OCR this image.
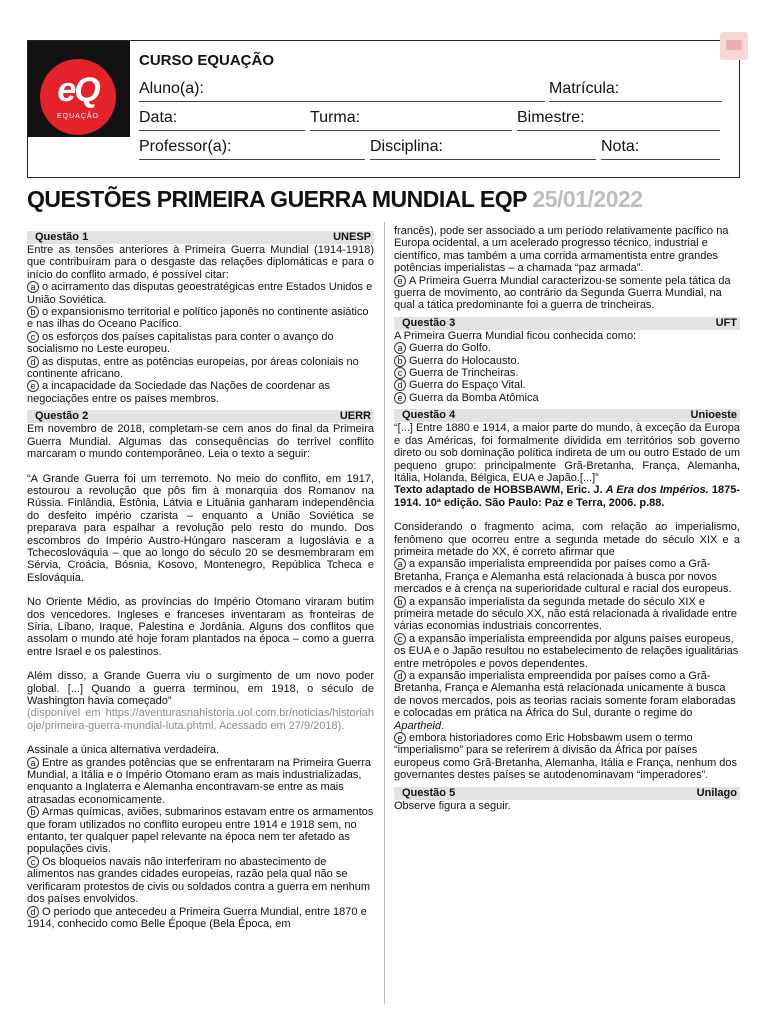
eQ
EQUAÇÃO
CURSO EQUAÇÃO
Aluno(a):	Matrícula:
Data:	Turma:	Bimestre:
Professor(a):	Disciplina:	Nota:
QUESTÕES PRIMEIRA GUERRA MUNDIAL EQP 25/01/2022
Questão 1	UNESP

Entre as tensões anteriores à Primeira Guerra Mundial (1914-1918) que contribuíram para o desgaste das relações diplomáticas e para o início do conflito armado, é possível citar:

a o acirramento das disputas geoestratégicas entre Estados Unidos e União Soviética.

b o expansionismo territorial e político japonês no continente asiático e nas ilhas do Oceano Pacífico.

c os esforços dos países capitalistas para conter o avanço do socialismo no Leste europeu.

d as disputas, entre as potências europeias, por áreas coloniais no continente africano.

e a incapacidade da Sociedade das Nações de coordenar as negociações entre os países membros.

Questão 2	UERR

Em novembro de 2018, completam-se cem anos do final da Primeira Guerra Mundial. Algumas das consequências do terrível conflito marcaram o mundo contemporâneo. Leia o texto a seguir:

“A Grande Guerra foi um terremoto. No meio do conflito, em 1917, estourou a revolução que pôs fim à monarquia dos Romanov na Rússia. Finlândia, Estônia, Látvia e Lituânia ganharam independência do desfeito império czarista – enquanto a União Soviética se preparava para espalhar a revolução pelo resto do mundo. Dos escombros do Império Austro-Húngaro nasceram a Iugoslávia e a Tchecoslováquia – que ao longo do século 20 se desmembraram em Sérvia, Croácia, Bósnia, Kosovo, Montenegro, República Tcheca e Eslováquia.

No Oriente Médio, as províncias do Império Otomano viraram butim dos vencedores. Ingleses e franceses inventaram as fronteiras de Síria, Líbano, Iraque, Palestina e Jordânia. Alguns dos conflitos que assolam o mundo até hoje foram plantados na época – como a guerra entre Israel e os palestinos.

Além disso, a Grande Guerra viu o surgimento de um novo poder global. [...] Quando a guerra terminou, em 1918, o século de Washington havia começado”

(disponível em https://aventurasnahistoria.uol.com.br/noticias/historiahoje/primeira-guerra-mundial-luta.phtml. Acessado em 27/9/2018).

Assinale a única alternativa verdadeira.

a Entre as grandes potências que se enfrentaram na Primeira Guerra Mundial, a Itália e o Império Otomano eram as mais industrializadas, enquanto a Inglaterra e Alemanha encontravam-se entre as mais atrasadas economicamente.

b Armas químicas, aviões, submarinos estavam entre os armamentos que foram utilizados no conflito europeu entre 1914 e 1918 sem, no entanto, ter qualquer papel relevante na época nem ter afetado as populações civis.

c Os bloqueios navais não interferiram no abastecimento de alimentos nas grandes cidades europeias, razão pela qual não se verificaram protestos de civis ou soldados contra a guerra em nenhum dos países envolvidos.

d O período que antecedeu a Primeira Guerra Mundial, entre 1870 e 1914, conhecido como Belle Époque (Bela Época, em

francês), pode ser associado a um período relativamente pacífico na Europa ocidental, a um acelerado progresso técnico, industrial e científico, mas também a uma corrida armamentista entre grandes potências imperialistas – a chamada “paz armada”.

e A Primeira Guerra Mundial caracterizou-se somente pela tática da guerra de movimento, ao contrário da Segunda Guerra Mundial, na qual a tática predominante foi a guerra de trincheiras.

Questão 3	UFT

A Primeira Guerra Mundial ficou conhecida como:

a Guerra do Golfo.

b Guerra do Holocausto.

c Guerra de Trincheiras.

d Guerra do Espaço Vital.

e Guerra da Bomba Atômica

Questão 4	Unioeste

“[...] Entre 1880 e 1914, a maior parte do mundo, à exceção da Europa e das Américas, foi formalmente dividida em territórios sob governo direto ou sob dominação política indireta de um ou outro Estado de um pequeno grupo: principalmente Grã-Bretanha, França, Alemanha, Itália, Holanda, Bélgica, EUA e Japão.[...]”

Texto adaptado de HOBSBAWM, Eric. J. A Era dos Impérios. 1875-1914. 10ª edição. São Paulo: Paz e Terra, 2006. p.88.

Considerando o fragmento acima, com relação ao imperialismo, fenômeno que ocorreu entre a segunda metade do século XIX e a primeira metade do XX, é correto afirmar que

a a expansão imperialista empreendida por países como a Grã-Bretanha, França e Alemanha está relacionada à busca por novos mercados e à crença na superioridade cultural e racial dos europeus.

b a expansão imperialista da segunda metade do século XIX e primeira metade do século XX, não está relacionada à rivalidade entre várias economias industriais concorrentes.

c a expansão imperialista empreendida por alguns países europeus, os EUA e o Japão resultou no estabelecimento de relações igualitárias entre metrópoles e povos dependentes.

d a expansão imperialista empreendida por países como a Grã-Bretanha, França e Alemanha está relacionada unicamente à busca de novos mercados, pois as teorias raciais somente foram elaboradas e colocadas em prática na África do Sul, durante o regime do Apartheid.

e embora historiadores como Eric Hobsbawm usem o termo “imperialismo” para se referirem à divisão da África por países europeus como Grã-Bretanha, Alemanha, Itália e França, nenhum dos governantes destes países se autodenominavam “imperadores”.

Questão 5	Unilago

Observe figura a seguir.
